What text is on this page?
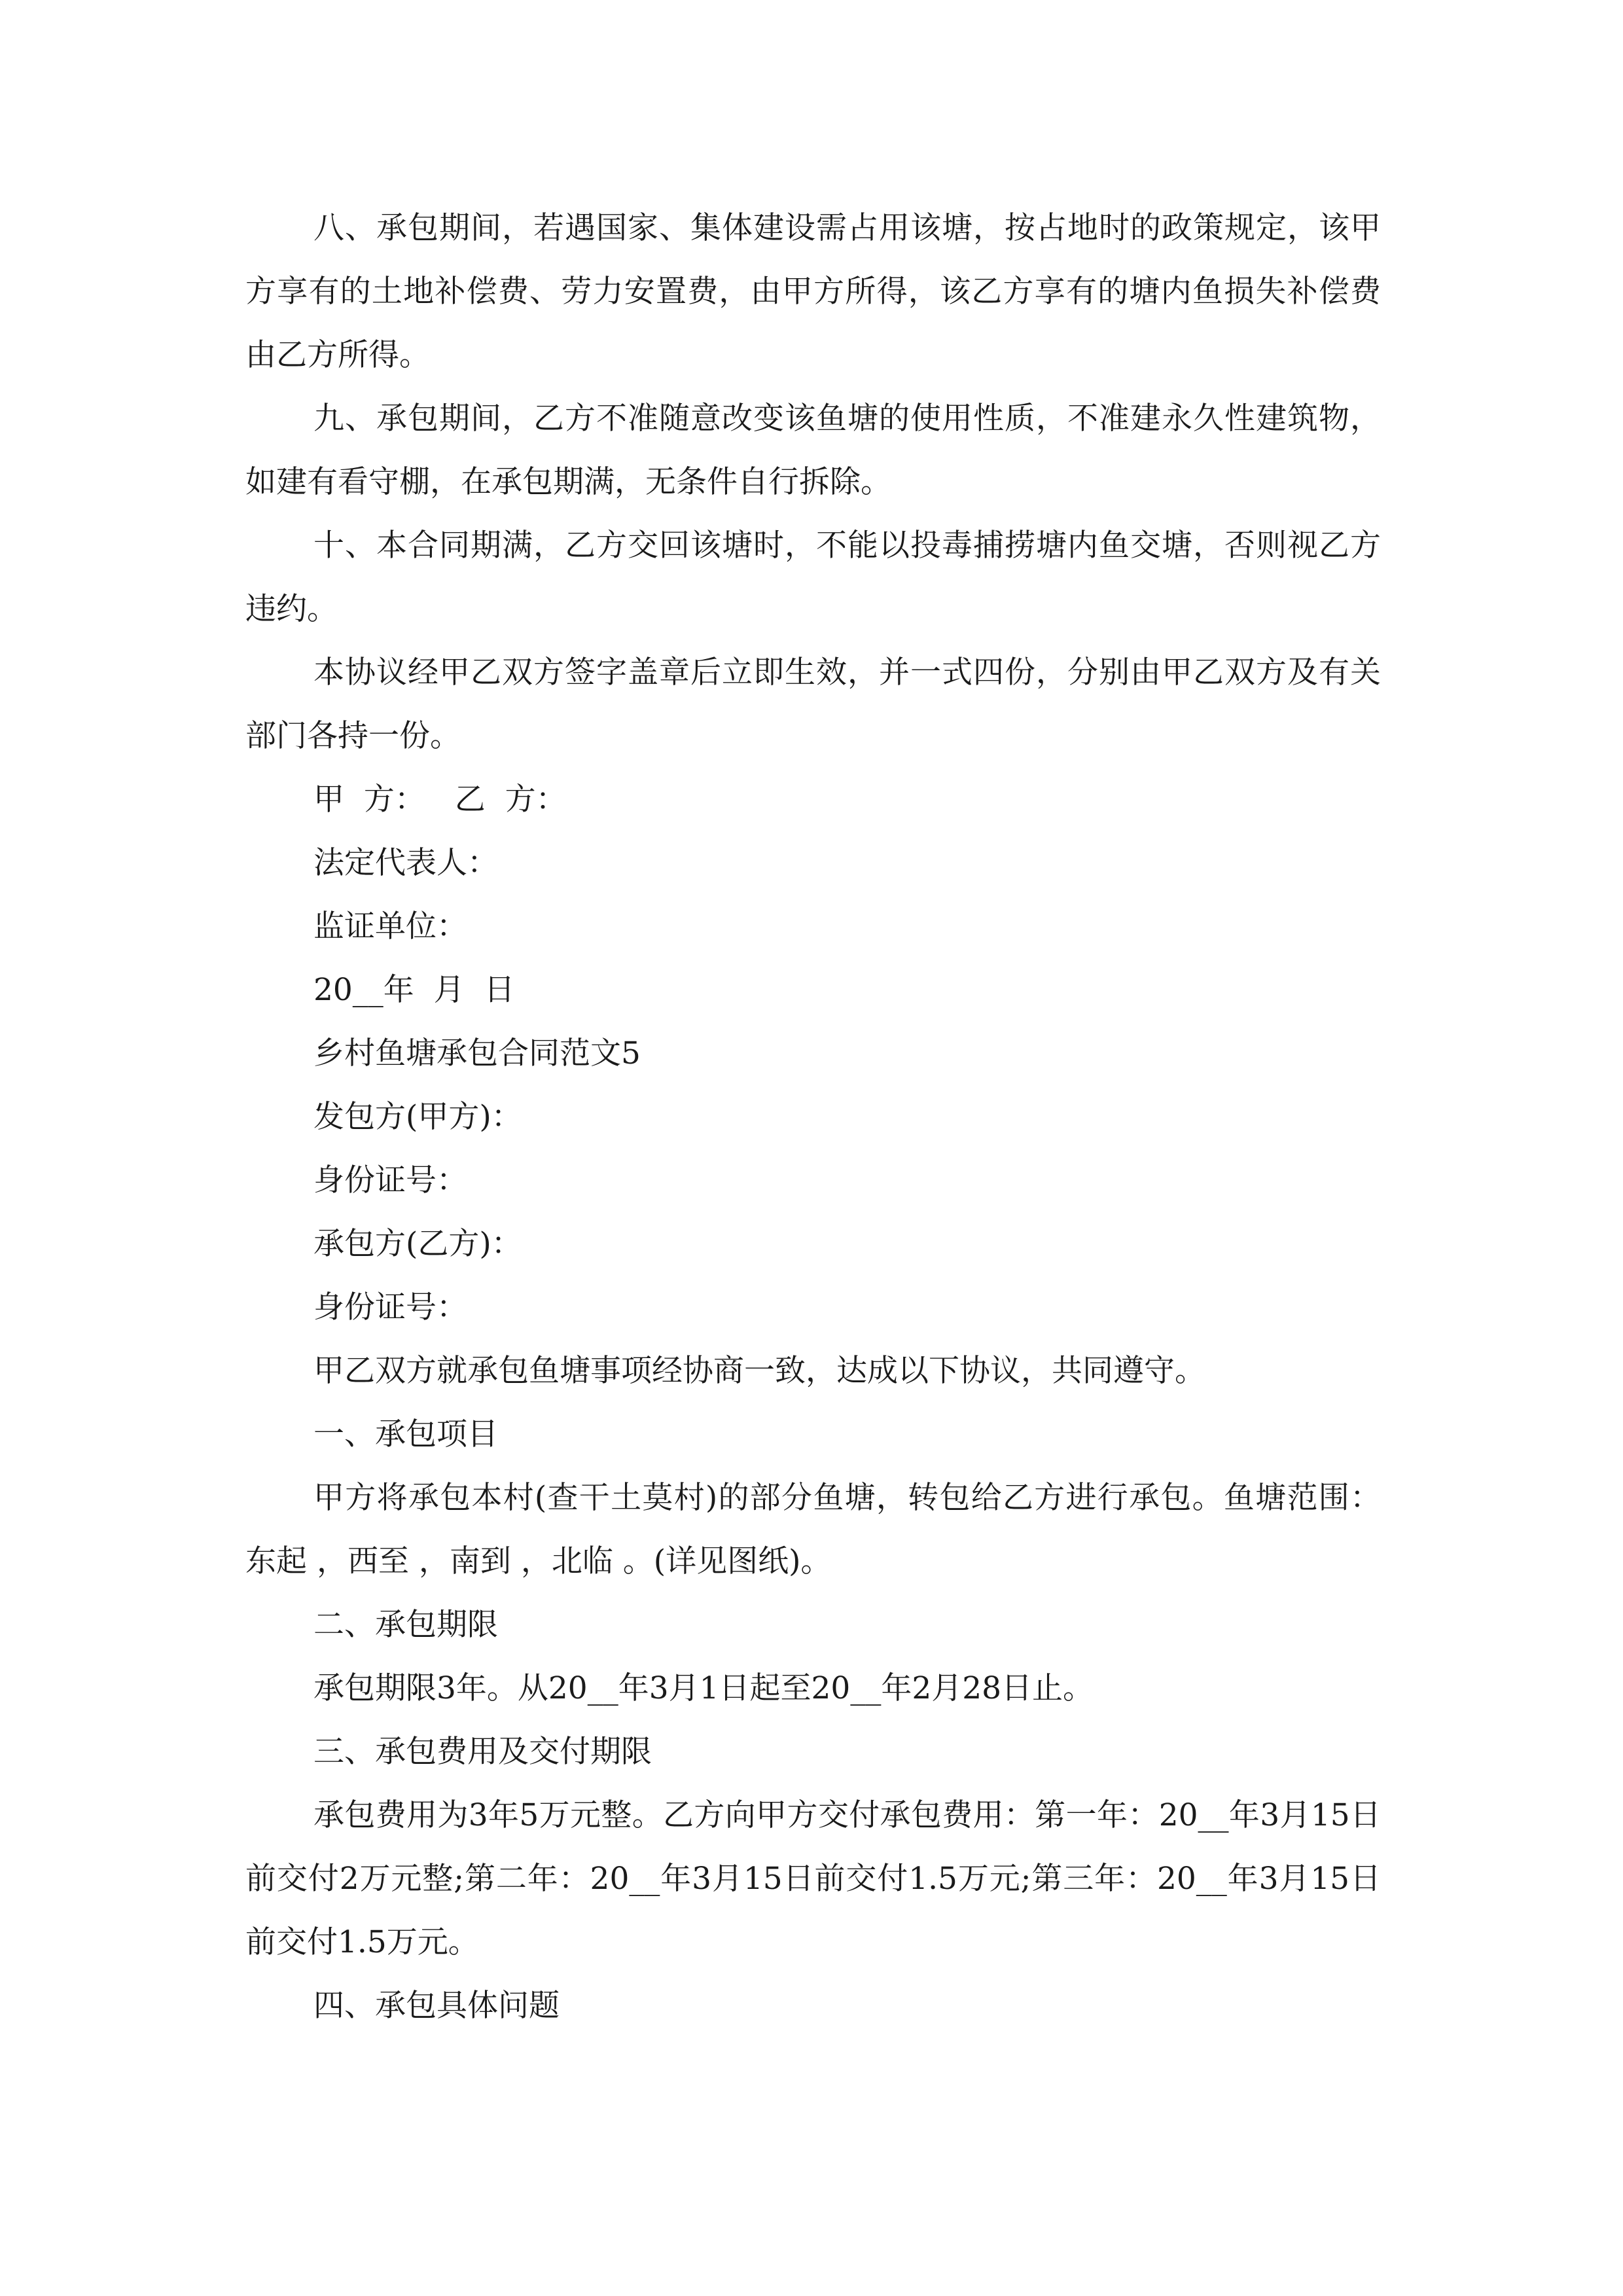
八、承包期间，若遇国家、集体建设需占用该塘，按占地时的政策规定，该甲方享有的土地补偿费、劳力安置费，由甲方所得，该乙方享有的塘内鱼损失补偿费由乙方所得。

九、承包期间，乙方不准随意改变该鱼塘的使用性质，不准建永久性建筑物，如建有看守棚，在承包期满，无条件自行拆除。

十、本合同期满，乙方交回该塘时，不能以投毒捕捞塘内鱼交塘，否则视乙方违约。

本协议经甲乙双方签字盖章后立即生效，并一式四份，分别由甲乙双方及有关部门各持一份。

甲  方：   乙  方：

法定代表人：

监证单位：

20__年  月  日

乡村鱼塘承包合同范文5

发包方(甲方)：

身份证号：

承包方(乙方)：

身份证号：

甲乙双方就承包鱼塘事项经协商一致，达成以下协议，共同遵守。

一、承包项目

甲方将承包本村(查干土莫村)的部分鱼塘，转包给乙方进行承包。鱼塘范围：东起 ，西至 ，南到 ，北临 。(详见图纸)。

二、承包期限

承包期限3年。从20__年3月1日起至20__年2月28日止。

三、承包费用及交付期限

承包费用为3年5万元整。乙方向甲方交付承包费用：第一年：20__年3月15日前交付2万元整;第二年：20__年3月15日前交付1.5万元;第三年：20__年3月15日前交付1.5万元。

四、承包具体问题
